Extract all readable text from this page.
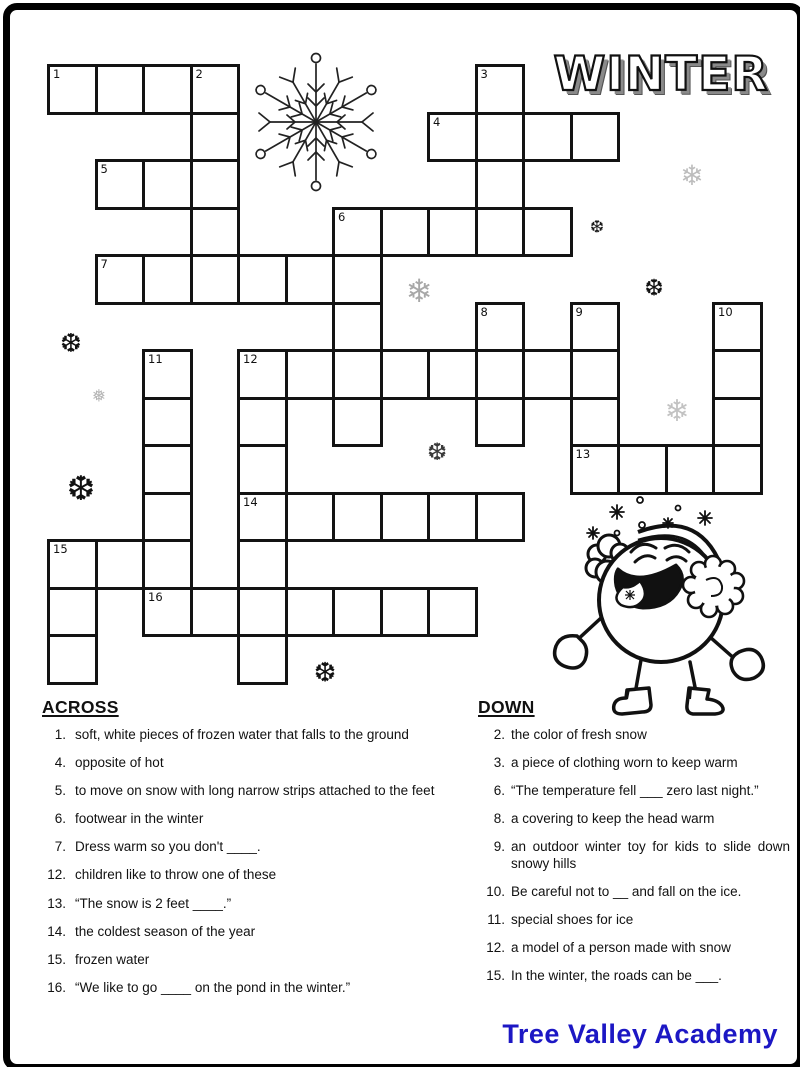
WINTER
1	2	3
4
5
6
7
8	9
13
10
11
16
12
14
15
ACROSS
1. soft, white pieces of frozen water that falls to the ground
4. opposite of hot
5. to move on snow with long narrow strips attached to the feet
6. footwear in the winter
7. Dress warm so you don't ____.
12. children like to throw one of these
13. “The snow is 2 feet ____.”
14. the coldest season of the year
15. frozen water
16. “We like to go ____ on the pond in the winter.”
DOWN
2. the color of fresh snow
3. a piece of clothing worn to keep warm
6. “The temperature fell ___ zero last night.”
8. a covering to keep the head warm
9. an outdoor winter toy for kids to slide down snowy hills
10. Be careful not to __ and fall on the ice.
11. special shoes for ice
12. a model of a person made with snow
15. In the winter, the roads can be ___.
Tree Valley Academy
❆
❅
❆
❄
❆
❄
❆
❆
❆
❄
